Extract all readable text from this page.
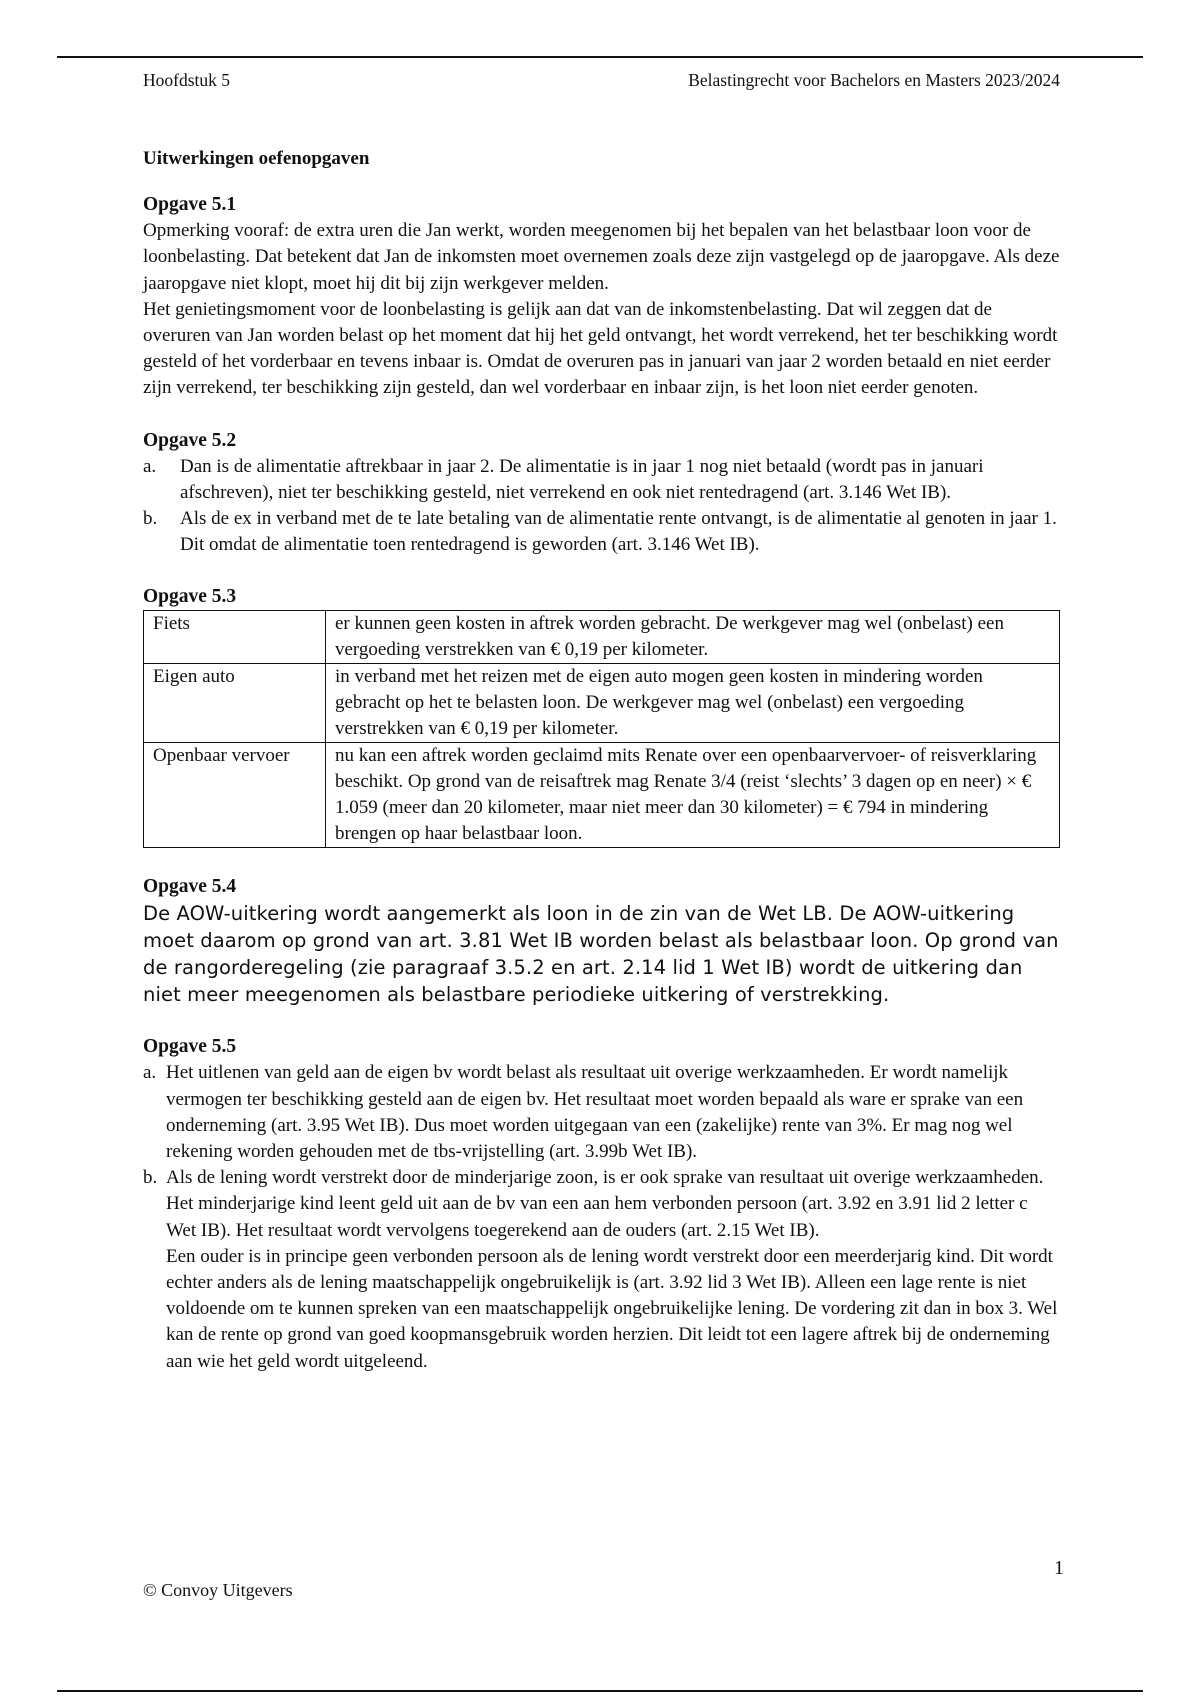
Hoofdstuk 5	Belastingrecht voor Bachelors en Masters 2023/2024

Uitwerkingen oefenopgaven

Opgave 5.1

Opmerking vooraf: de extra uren die Jan werkt, worden meegenomen bij het bepalen van het belastbaar loon voor de loonbelasting. Dat betekent dat Jan de inkomsten moet overnemen zoals deze zijn vastgelegd op de jaaropgave. Als deze jaaropgave niet klopt, moet hij dit bij zijn werkgever melden.

Het genietingsmoment voor de loonbelasting is gelijk aan dat van de inkomstenbelasting. Dat wil zeggen dat de overuren van Jan worden belast op het moment dat hij het geld ontvangt, het wordt verrekend, het ter beschikking wordt gesteld of het vorderbaar en tevens inbaar is. Omdat de overuren pas in januari van jaar 2 worden betaald en niet eerder zijn verrekend, ter beschikking zijn gesteld, dan wel vorderbaar en inbaar zijn, is het loon niet eerder genoten.

Opgave 5.2
a. Dan is de alimentatie aftrekbaar in jaar 2. De alimentatie is in jaar 1 nog niet betaald (wordt pas in januari afschreven), niet ter beschikking gesteld, niet verrekend en ook niet rentedragend (art. 3.146 Wet IB).
b. Als de ex in verband met de te late betaling van de alimentatie rente ontvangt, is de alimentatie al genoten in jaar 1. Dit omdat de alimentatie toen rentedragend is geworden (art. 3.146 Wet IB).
Opgave 5.3
Fiets	er kunnen geen kosten in aftrek worden gebracht. De werkgever mag wel (onbelast) een vergoeding verstrekken van € 0,19 per kilometer.
Eigen auto	in verband met het reizen met de eigen auto mogen geen kosten in mindering worden gebracht op het te belasten loon. De werkgever mag wel (onbelast) een vergoeding verstrekken van € 0,19 per kilometer.
Openbaar vervoer	nu kan een aftrek worden geclaimd mits Renate over een openbaarvervoer- of reisverklaring beschikt. Op grond van de reisaftrek mag Renate 3/4 (reist ‘slechts’ 3 dagen op en neer) × € 1.059 (meer dan 20 kilometer, maar niet meer dan 30 kilometer) = € 794 in mindering brengen op haar belastbaar loon.
Opgave 5.4

De AOW-uitkering wordt aangemerkt als loon in de zin van de Wet LB. De AOW-uitkering moet daarom op grond van art. 3.81 Wet IB worden belast als belastbaar loon. Op grond van de rangorderegeling (zie paragraaf 3.5.2 en art. 2.14 lid 1 Wet IB) wordt de uitkering dan niet meer meegenomen als belastbare periodieke uitkering of verstrekking.

Opgave 5.5
a. Het uitlenen van geld aan de eigen bv wordt belast als resultaat uit overige werkzaamheden. Er wordt namelijk vermogen ter beschikking gesteld aan de eigen bv. Het resultaat moet worden bepaald als ware er sprake van een onderneming (art. 3.95 Wet IB). Dus moet worden uitgegaan van een (zakelijke) rente van 3%. Er mag nog wel rekening worden gehouden met de tbs-vrijstelling (art. 3.99b Wet IB).
b. Als de lening wordt verstrekt door de minderjarige zoon, is er ook sprake van resultaat uit overige werkzaamheden. Het minderjarige kind leent geld uit aan de bv van een aan hem verbonden persoon (art. 3.92 en 3.91 lid 2 letter c Wet IB). Het resultaat wordt vervolgens toegerekend aan de ouders (art. 2.15 Wet IB).
Een ouder is in principe geen verbonden persoon als de lening wordt verstrekt door een meerderjarig kind. Dit wordt echter anders als de lening maatschappelijk ongebruikelijk is (art. 3.92 lid 3 Wet IB). Alleen een lage rente is niet voldoende om te kunnen spreken van een maatschappelijk ongebruikelijke lening. De vordering zit dan in box 3. Wel kan de rente op grond van goed koopmansgebruik worden herzien. Dit leidt tot een lagere aftrek bij de onderneming aan wie het geld wordt uitgeleend.
1
© Convoy Uitgevers
